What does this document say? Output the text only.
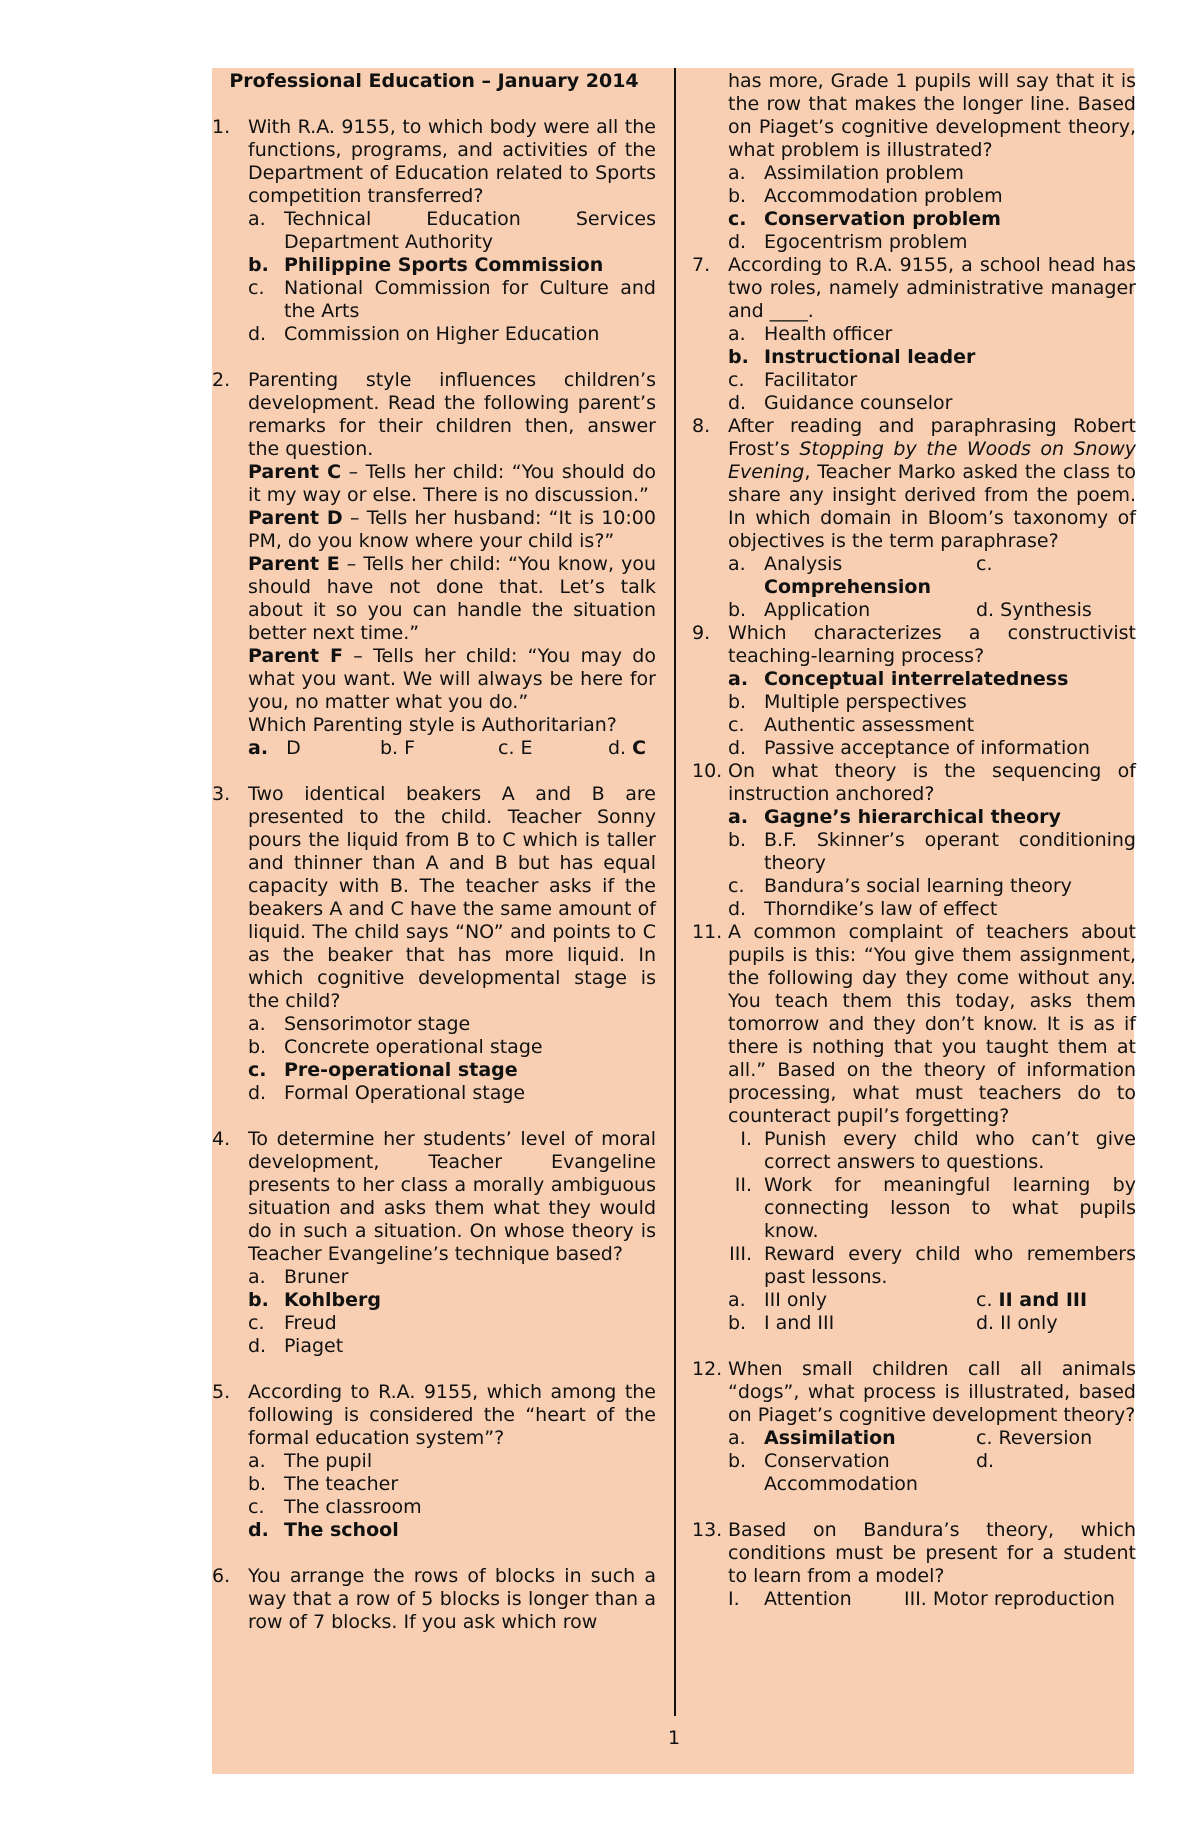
1
Professional Education – January 2014
1. With R.A. 9155, to which body were all the functions, programs, and activities of the Department of Education related to Sports competition transferred?
a. Technical Education Services Department Authority
b. Philippine Sports Commission
c. National Commission for Culture and the Arts
d. Commission on Higher Education
2. Parenting style influences children’s development. Read the following parent’s remarks for their children then, answer the question.
Parent C – Tells her child: “You should do it my way or else. There is no discussion.”
Parent D – Tells her husband: “It is 10:00 PM, do you know where your child is?”
Parent E – Tells her child: “You know, you should have not done that. Let’s talk about it so you can handle the situation better next time.”
Parent F – Tells her child: “You may do what you want. We will always be here for you, no matter what you do.”
Which Parenting style is Authoritarian?
a. D	b. F	c. E	d. C
3. Two identical beakers A and B are presented to the child. Teacher Sonny pours the liquid from B to C which is taller and thinner than A and B but has equal capacity with B. The teacher asks if the beakers A and C have the same amount of liquid. The child says “NO” and points to C as the beaker that has more liquid. In which cognitive developmental stage is the child?
a. Sensorimotor stage
b. Concrete operational stage
c. Pre-operational stage
d. Formal Operational stage
4. To determine her students’ level of moral development, Teacher Evangeline presents to her class a morally ambiguous situation and asks them what they would do in such a situation. On whose theory is Teacher Evangeline’s technique based?
a. Bruner
b. Kohlberg
c. Freud
d. Piaget
5. According to R.A. 9155, which among the following is considered the “heart of the formal education system”?
a. The pupil
b. The teacher
c. The classroom
d. The school
6. You arrange the rows of blocks in such a way that a row of 5 blocks is longer than a row of 7 blocks. If you ask which row
has more, Grade 1 pupils will say that it is the row that makes the longer line. Based on Piaget’s cognitive development theory, what problem is illustrated?
a. Assimilation problem
b. Accommodation problem
c. Conservation problem
d. Egocentrism problem
7. According to R.A. 9155, a school head has two roles, namely administrative manager and ____.
a. Health officer
b. Instructional leader
c. Facilitator
d. Guidance counselor
8. After reading and paraphrasing Robert Frost’s Stopping by the Woods on Snowy Evening, Teacher Marko asked the class to share any insight derived from the poem. In which domain in Bloom’s taxonomy of objectives is the term paraphrase?
a. Analysis	c.
Comprehension
b. Application	d. Synthesis
9. Which characterizes a constructivist teaching-learning process?
a. Conceptual interrelatedness
b. Multiple perspectives
c. Authentic assessment
d. Passive acceptance of information
10. On what theory is the sequencing of instruction anchored?
a. Gagne’s hierarchical theory
b. B.F. Skinner’s operant conditioning theory
c. Bandura’s social learning theory
d. Thorndike’s law of effect
11. A common complaint of teachers about pupils is this: “You give them assignment, the following day they come without any. You teach them this today, asks them tomorrow and they don’t know. It is as if there is nothing that you taught them at all.” Based on the theory of information processing, what must teachers do to counteract pupil’s forgetting?
I. Punish every child who can’t give correct answers to questions.
II. Work for meaningful learning by connecting lesson to what pupils know.
III. Reward every child who remembers past lessons.
a. III only	c. II and III
b. I and III	d. II only
12. When small children call all animals “dogs”, what process is illustrated, based on Piaget’s cognitive development theory?
a. Assimilation	c. Reversion
b. Conservation	d.
Accommodation
13. Based on Bandura’s theory, which conditions must be present for a student to learn from a model?
I. Attention	III. Motor reproduction
